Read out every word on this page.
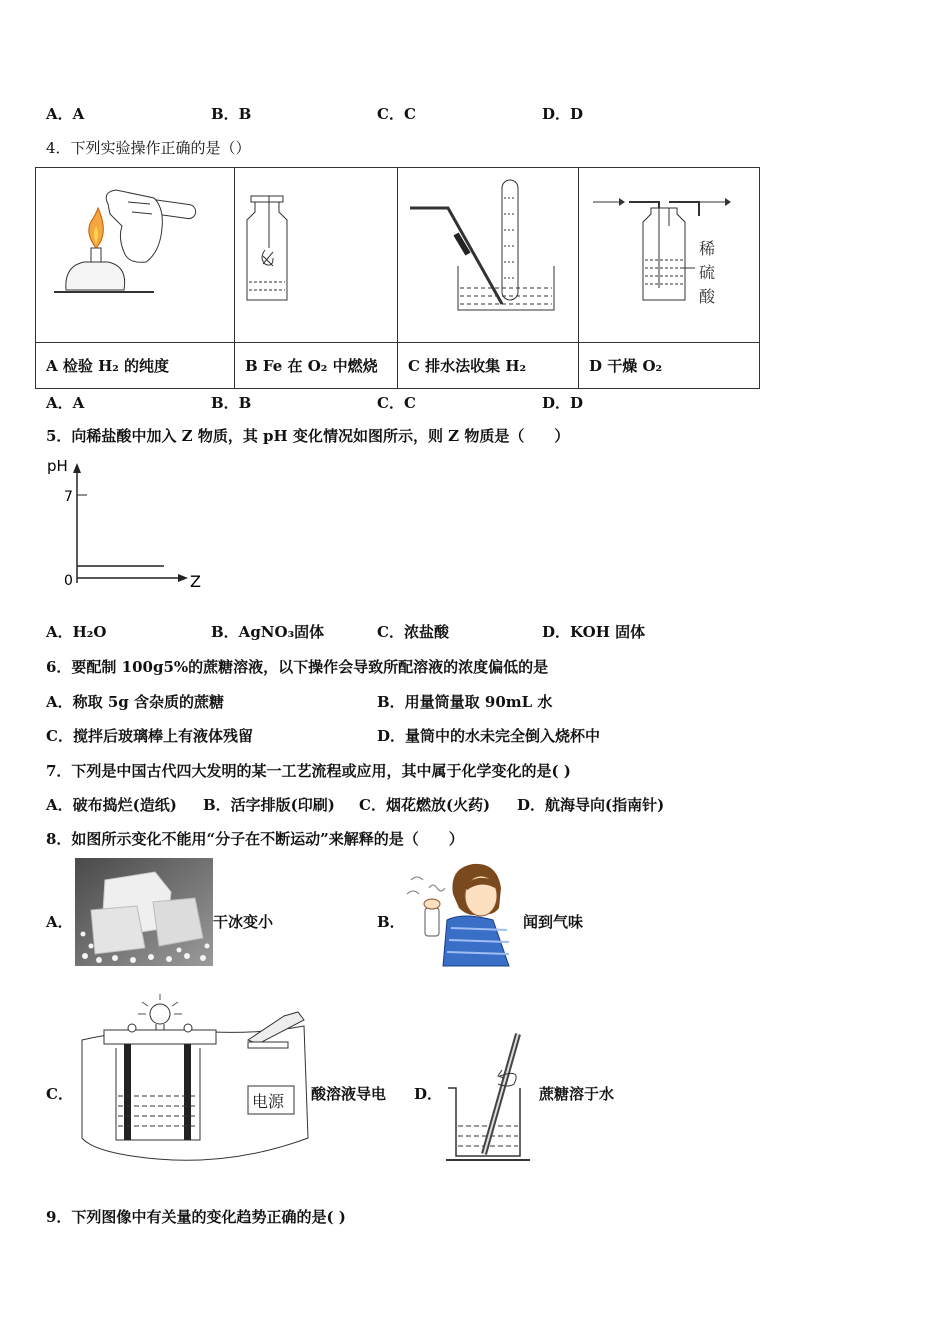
A．A	B．B	C．C	D．D
4．下列实验操作正确的是（）

稀
硫
酸

A 检验 H₂ 的纯度	B Fe 在 O₂ 中燃烧	C 排水法收集 H₂	D 干燥 O₂
A．A	B．B	C．C	D．D
5．向稀盐酸中加入 Z 物质，其 pH 变化情况如图所示，则 Z 物质是（　　）
pH
7
0	Z
A．H₂O	B．AgNO₃固体	C．浓盐酸	D．KOH 固体
6．要配制 100g5%的蔗糖溶液，以下操作会导致所配溶液的浓度偏低的是
A．称取 5g 含杂质的蔗糖	B．用量筒量取 90mL 水
C．搅拌后玻璃棒上有液体残留	D．量筒中的水未完全倒入烧杯中
7．下列是中国古代四大发明的某一工艺流程或应用，其中属于化学变化的是( )
A．破布捣烂(造纸) B．活字排版(印刷) C．烟花燃放(火药) D．航海导向(指南针)
8．如图所示变化不能用“分子在不断运动”来解释的是（　　）
A．	干冰变小	B．	闻到气味
C．	电源 酸溶液导电 D．	蔗糖溶于水
9．下列图像中有关量的变化趋势正确的是( )
